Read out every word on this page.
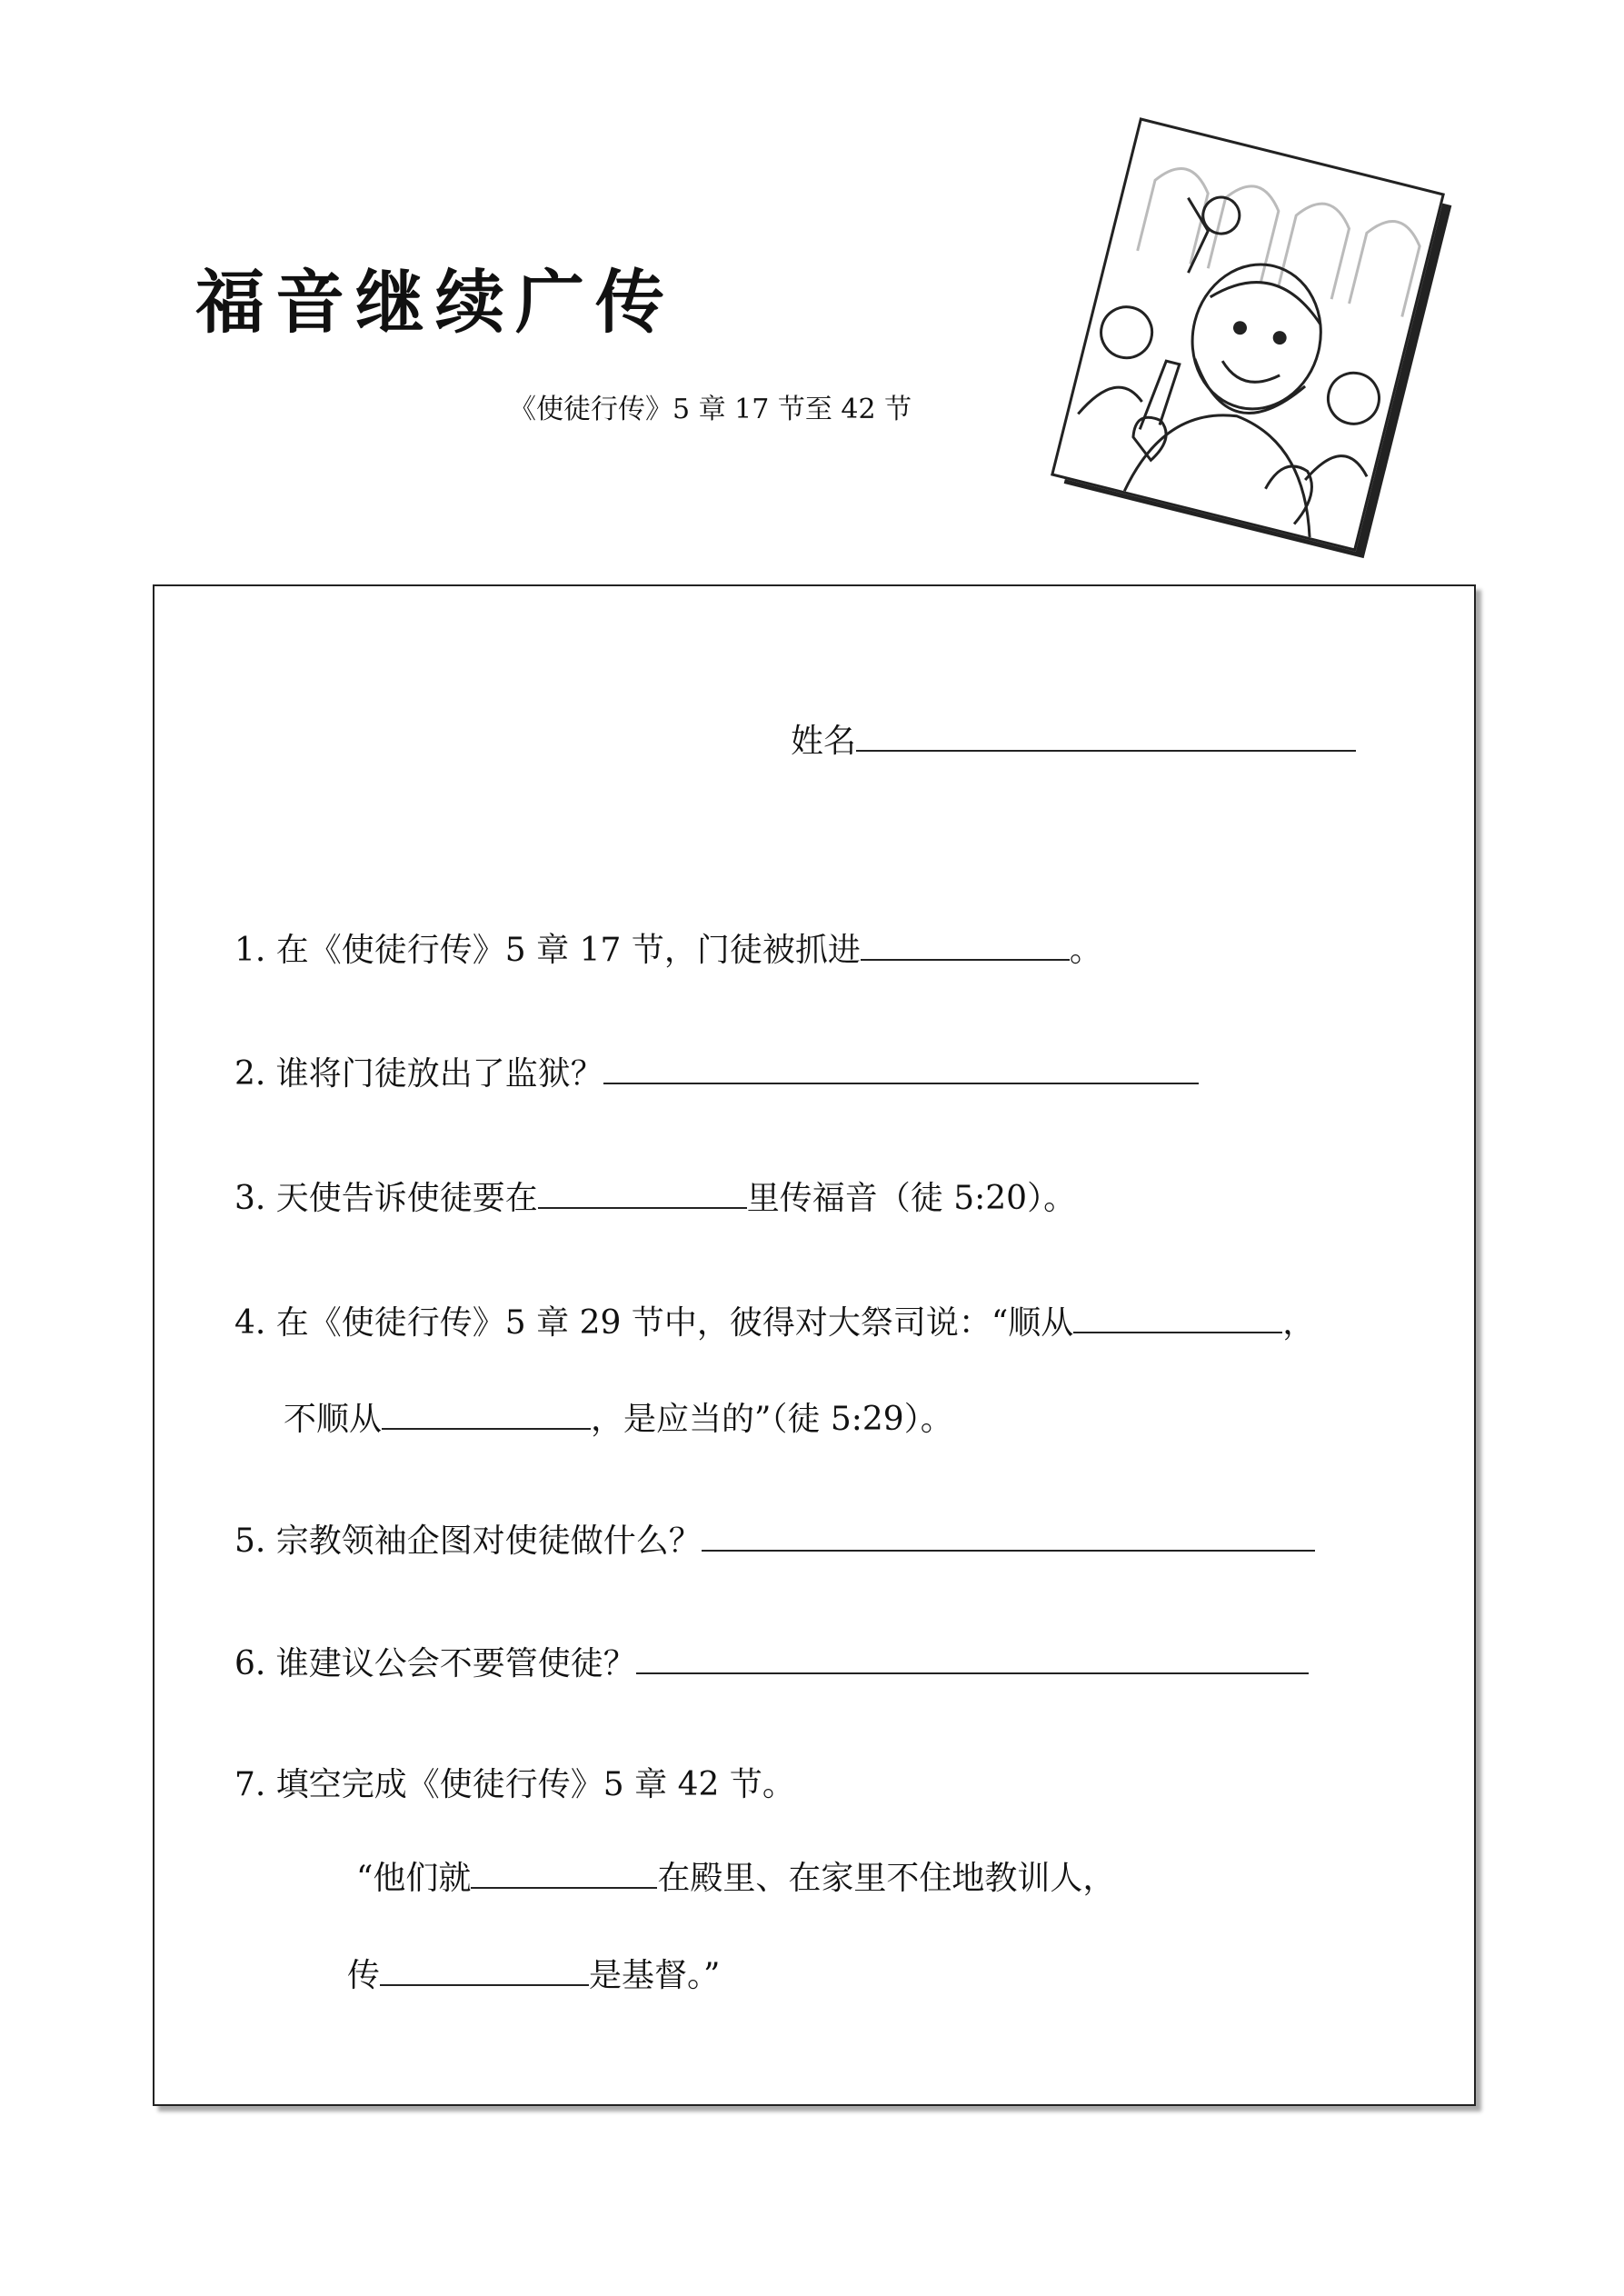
福音继续广传
《使徒行传》5 章 17 节至 42 节
姓名
1. 在《使徒行传》5 章 17 节，门徒被抓进	。
2. 谁将门徒放出了监狱？
3. 天使告诉使徒要在	里传福音（徒 5:20）。
4. 在《使徒行传》5 章 29 节中，彼得对大祭司说：“顺从	，
不顺从	，是应当的”（徒 5:29）。
5. 宗教领袖企图对使徒做什么？
6. 谁建议公会不要管使徒？
7. 填空完成《使徒行传》5 章 42 节。
“他们就	在殿里、在家里不住地教训人，
传	是基督。”
